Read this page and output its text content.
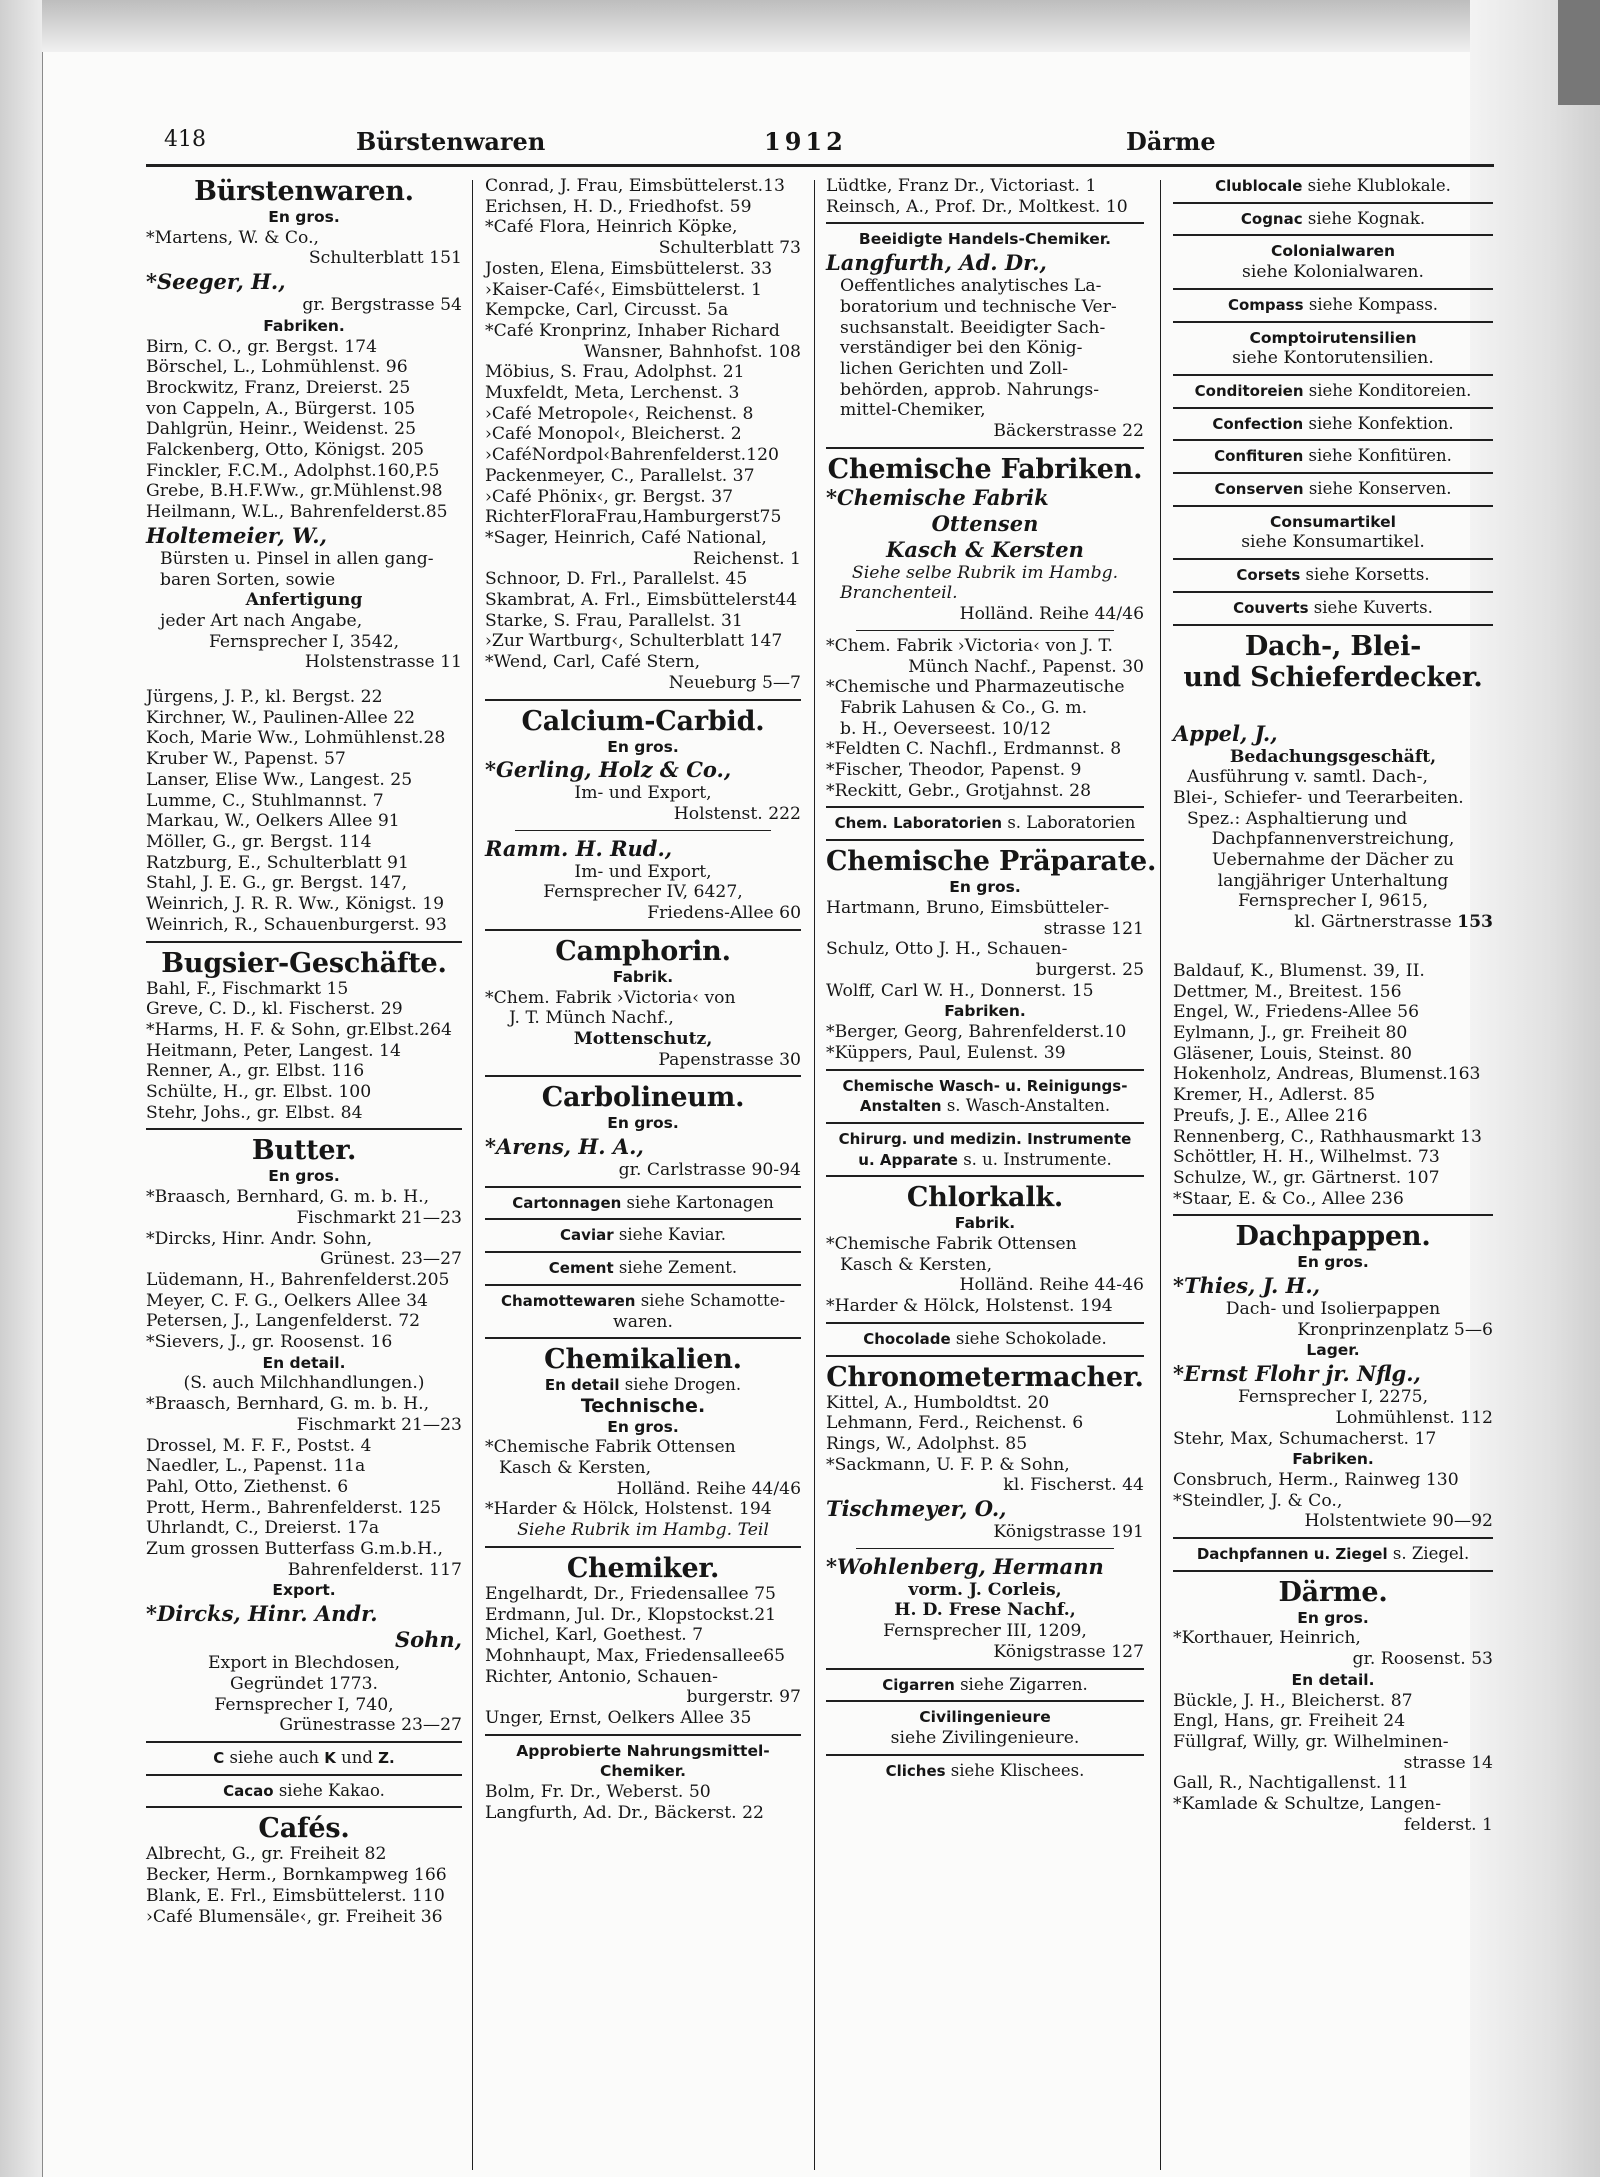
418	Bürstenwaren	1912	Därme
Bürstenwaren.
En gros.
*Martens, W. & Co.,
Schulterblatt 151
*Seeger, H.,
gr. Bergstrasse 54
Fabriken.
Birn, C. O., gr. Bergst. 174
Börschel, L., Lohmühlenst. 96
Brockwitz, Franz, Dreierst. 25
von Cappeln, A., Bürgerst. 105
Dahlgrün, Heinr., Weidenst. 25
Falckenberg, Otto, Königst. 205
Finckler, F.C.M., Adolphst.160,P.5
Grebe, B.H.F.Ww., gr.Mühlenst.98
Heilmann, W.L., Bahrenfelderst.85
Holtemeier, W.,
Bürsten u. Pinsel in allen gang-
baren Sorten, sowie
Anfertigung
jeder Art nach Angabe,
Fernsprecher I, 3542,
Holstenstrasse 11
Jürgens, J. P., kl. Bergst. 22
Kirchner, W., Paulinen-Allee 22
Koch, Marie Ww., Lohmühlenst.28
Kruber W., Papenst. 57
Lanser, Elise Ww., Langest. 25
Lumme, C., Stuhlmannst. 7
Markau, W., Oelkers Allee 91
Möller, G., gr. Bergst. 114
Ratzburg, E., Schulterblatt 91
Stahl, J. E. G., gr. Bergst. 147,
Weinrich, J. R. R. Ww., Königst. 19
Weinrich, R., Schauenburgerst. 93
Bugsier-Geschäfte.
Bahl, F., Fischmarkt 15
Greve, C. D., kl. Fischerst. 29
*Harms, H. F. & Sohn, gr.Elbst.264
Heitmann, Peter, Langest. 14
Renner, A., gr. Elbst. 116
Schülte, H., gr. Elbst. 100
Stehr, Johs., gr. Elbst. 84
Butter.
En gros.
*Braasch, Bernhard, G. m. b. H.,
Fischmarkt 21—23
*Dircks, Hinr. Andr. Sohn,
Grünest. 23—27
Lüdemann, H., Bahrenfelderst.205
Meyer, C. F. G., Oelkers Allee 34
Petersen, J., Langenfelderst. 72
*Sievers, J., gr. Roosenst. 16
En detail.
(S. auch Milchhandlungen.)
*Braasch, Bernhard, G. m. b. H.,
Fischmarkt 21—23
Drossel, M. F. F., Postst. 4
Naedler, L., Papenst. 11a
Pahl, Otto, Ziethenst. 6
Prott, Herm., Bahrenfelderst. 125
Uhrlandt, C., Dreierst. 17a
Zum grossen Butterfass G.m.b.H.,
Bahrenfelderst. 117
Export.
*Dircks, Hinr. Andr.
Sohn,
Export in Blechdosen,
Gegründet 1773.
Fernsprecher I, 740,
Grünestrasse 23—27
C siehe auch K und Z.
Cacao siehe Kakao.
Cafés.
Albrecht, G., gr. Freiheit 82
Becker, Herm., Bornkampweg 166
Blank, E. Frl., Eimsbüttelerst. 110
›Café Blumensäle‹, gr. Freiheit 36
Conrad, J. Frau, Eimsbüttelerst.13
Erichsen, H. D., Friedhofst. 59
*Café Flora, Heinrich Köpke,
Schulterblatt 73
Josten, Elena, Eimsbüttelerst. 33
›Kaiser-Café‹, Eimsbüttelerst. 1
Kempcke, Carl, Circusst. 5a
*Café Kronprinz, Inhaber Richard
Wansner, Bahnhofst. 108
Möbius, S. Frau, Adolphst. 21
Muxfeldt, Meta, Lerchenst. 3
›Café Metropole‹, Reichenst. 8
›Café Monopol‹, Bleicherst. 2
›CaféNordpol‹Bahrenfelderst.120
Packenmeyer, C., Parallelst. 37
›Café Phönix‹, gr. Bergst. 37
RichterFloraFrau,Hamburgerst75
*Sager, Heinrich, Café National,
Reichenst. 1
Schnoor, D. Frl., Parallelst. 45
Skambrat, A. Frl., Eimsbüttelerst44
Starke, S. Frau, Parallelst. 31
›Zur Wartburg‹, Schulterblatt 147
*Wend, Carl, Café Stern,
Neueburg 5—7
Calcium-Carbid.
En gros.
*Gerling, Holz & Co.,
Im- und Export,
Holstenst. 222
Ramm. H. Rud.,
Im- und Export,
Fernsprecher IV, 6427,
Friedens-Allee 60
Camphorin.
Fabrik.
*Chem. Fabrik ›Victoria‹ von
J. T. Münch Nachf.,
Mottenschutz,
Papenstrasse 30
Carbolineum.
En gros.
*Arens, H. A.,
gr. Carlstrasse 90-94
Cartonnagen siehe Kartonagen
Caviar siehe Kaviar.
Cement siehe Zement.
Chamottewaren siehe Schamotte-
waren.
Chemikalien.
En detail siehe Drogen.
Technische.
En gros.
*Chemische Fabrik Ottensen
Kasch & Kersten,
Holländ. Reihe 44/46
*Harder & Hölck, Holstenst. 194
Siehe Rubrik im Hambg. Teil
Chemiker.
Engelhardt, Dr., Friedensallee 75
Erdmann, Jul. Dr., Klopstockst.21
Michel, Karl, Goethest. 7
Mohnhaupt, Max, Friedensallee65
Richter, Antonio, Schauen-
burgerstr. 97
Unger, Ernst, Oelkers Allee 35
Approbierte Nahrungsmittel-
Chemiker.
Bolm, Fr. Dr., Weberst. 50
Langfurth, Ad. Dr., Bäckerst. 22
Lüdtke, Franz Dr., Victoriast. 1
Reinsch, A., Prof. Dr., Moltkest. 10
Beeidigte Handels-Chemiker.
Langfurth, Ad. Dr.,
Oeffentliches analytisches La-
boratorium und technische Ver-
suchsanstalt. Beeidigter Sach-
verständiger bei den König-
lichen Gerichten und Zoll-
behörden, approb. Nahrungs-
mittel-Chemiker,
Bäckerstrasse 22
Chemische Fabriken.
*Chemische Fabrik
Ottensen
Kasch & Kersten
Siehe selbe Rubrik im Hambg.
Branchenteil.
Holländ. Reihe 44/46
*Chem. Fabrik ›Victoria‹ von J. T.
Münch Nachf., Papenst. 30
*Chemische und Pharmazeutische
Fabrik Lahusen & Co., G. m.
b. H., Oeverseest. 10/12
*Feldten C. Nachfl., Erdmannst. 8
*Fischer, Theodor, Papenst. 9
*Reckitt, Gebr., Grotjahnst. 28
Chem. Laboratorien s. Laboratorien
Chemische Präparate.
En gros.
Hartmann, Bruno, Eimsbütteler-
strasse 121
Schulz, Otto J. H., Schauen-
burgerst. 25
Wolff, Carl W. H., Donnerst. 15
Fabriken.
*Berger, Georg, Bahrenfelderst.10
*Küppers, Paul, Eulenst. 39
Chemische Wasch- u. Reinigungs-
Anstalten s. Wasch-Anstalten.
Chirurg. und medizin. Instrumente
u. Apparate s. u. Instrumente.
Chlorkalk.
Fabrik.
*Chemische Fabrik Ottensen
Kasch & Kersten,
Holländ. Reihe 44-46
*Harder & Hölck, Holstenst. 194
Chocolade siehe Schokolade.
Chronometermacher.
Kittel, A., Humboldtst. 20
Lehmann, Ferd., Reichenst. 6
Rings, W., Adolphst. 85
*Sackmann, U. F. P. & Sohn,
kl. Fischerst. 44
Tischmeyer, O.,
Königstrasse 191
*Wohlenberg, Hermann
vorm. J. Corleis,
H. D. Frese Nachf.,
Fernsprecher III, 1209,
Königstrasse 127
Cigarren siehe Zigarren.
Civilingenieure
siehe Zivilingenieure.
Cliches siehe Klischees.
Clublocale siehe Klublokale.
Cognac siehe Kognak.
Colonialwaren
siehe Kolonialwaren.
Compass siehe Kompass.
Comptoirutensilien
siehe Kontorutensilien.
Conditoreien siehe Konditoreien.
Confection siehe Konfektion.
Confituren siehe Konfitüren.
Conserven siehe Konserven.
Consumartikel
siehe Konsumartikel.
Corsets siehe Korsetts.
Couverts siehe Kuverts.
Dach-, Blei-
und Schieferdecker.
Appel, J.,
Bedachungsgeschäft,
Ausführung v. samtl. Dach-,
Blei-, Schiefer- und Teerarbeiten.
Spez.: Asphaltierung und
Dachpfannenverstreichung,
Uebernahme der Dächer zu
langjähriger Unterhaltung
Fernsprecher I, 9615,
kl. Gärtnerstrasse 153
Baldauf, K., Blumenst. 39, II.
Dettmer, M., Breitest. 156
Engel, W., Friedens-Allee 56
Eylmann, J., gr. Freiheit 80
Gläsener, Louis, Steinst. 80
Hokenholz, Andreas, Blumenst.163
Kremer, H., Adlerst. 85
Preufs, J. E., Allee 216
Rennenberg, C., Rathhausmarkt 13
Schöttler, H. H., Wilhelmst. 73
Schulze, W., gr. Gärtnerst. 107
*Staar, E. & Co., Allee 236
Dachpappen.
En gros.
*Thies, J. H.,
Dach- und Isolierpappen
Kronprinzenplatz 5—6
Lager.
*Ernst Flohr jr. Nflg.,
Fernsprecher I, 2275,
Lohmühlenst. 112
Stehr, Max, Schumacherst. 17
Fabriken.
Consbruch, Herm., Rainweg 130
*Steindler, J. & Co.,
Holstentwiete 90—92
Dachpfannen u. Ziegel s. Ziegel.
Därme.
En gros.
*Korthauer, Heinrich,
gr. Roosenst. 53
En detail.
Bückle, J. H., Bleicherst. 87
Engl, Hans, gr. Freiheit 24
Füllgraf, Willy, gr. Wilhelminen-
strasse 14
Gall, R., Nachtigallenst. 11
*Kamlade & Schultze, Langen-
felderst. 1
